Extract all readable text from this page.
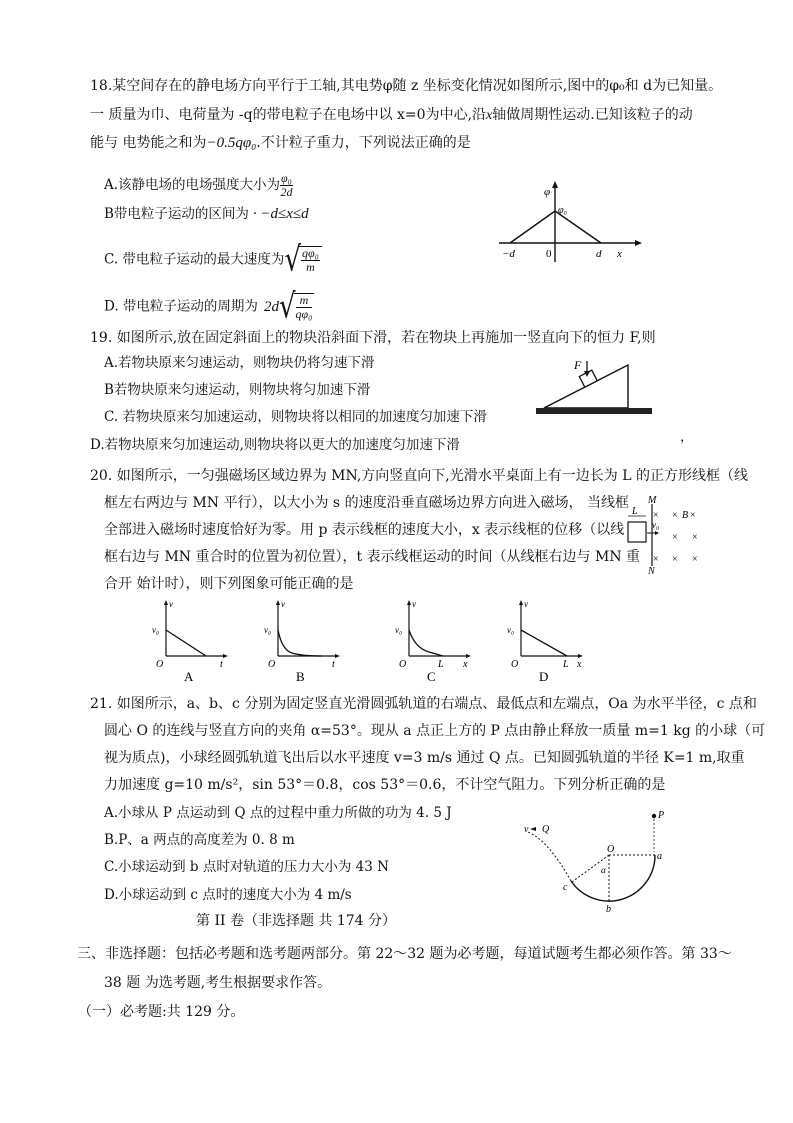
18.某空间存在的静电场方向平行于工轴,其电势φ随 z 坐标变化情况如图所示,图中的φ₀和 d为已知量。
一 质量为巾、电荷量为 -q的带电粒子在电场中以 x=0为中心,沿x轴做周期性运动.已知该粒子的动
能与 电势能之和为−0.5qφ₀.不计粒子重力，下列说法正确的是
A.该静电场的电场强度大小为 $\frac{\text{φ₀}}{2d}$
B带电粒子运动的区间为 · −d≤x≤d
C. 带电粒子运动的最大速度为√ $\frac{\text{qφ₀}}{m}$
D. 带电粒子运动的周期为 $2d√ \frac{m}{\text{qφ₀}}$
φ
φ₀
−d	0	d x
19. 如图所示,放在固定斜面上的物块沿斜面下滑，若在物块上再施加一竖直向下的恒力 F,则
A.若物块原来匀速运动，则物块仍将匀速下滑
B若物块原来匀速运动，则物块将匀加速下滑
C. 若物块原来匀加速运动，则物块将以相同的加速度匀加速下滑
D.若物块原来匀加速运动,则物块将以更大的加速度匀加速下滑	，
F
20. 如图所示，一匀强磁场区域边界为 MN,方向竖直向下,光滑水平桌面上有一边长为 L 的正方形线框（线
框左右两边与 MN 平行），以大小为 s 的速度沿垂直磁场边界方向进入磁场， 当线框
全部进入磁场时速度恰好为零。用 p 表示线框的速度大小，x 表示线框的位移（以线
框右边与 MN 重合时的位置为初位置），t 表示线框运动的时间（从线框右边与 MN 重
合开 始计时），则下列图象可能正确的是
M
N
L
v₀
B
× × ×
× ×
× × ×
v
v₀
O	t
A
v
v₀
O	t
B
v
v₀
O	L x
C
v
v₀
O	L x
D
21. 如图所示，a、b、c 分别为固定竖直光滑圆弧轨道的右端点、最低点和左端点，Oa 为水平半径，c 点和
圆心 O 的连线与竖直方向的夹角 α=53°。现从 a 点正上方的 P 点由静止释放一质量 m=1 kg 的小球（可
视为质点)，小球经圆弧轨道飞出后以水平速度 v=3 m/s 通过 Q 点。已知圆弧轨道的半径 K=1 m,取重
力加速度 g=10 m/s²，sin 53°＝0.8，cos 53°＝0.6，不计空气阻力。下列分析正确的是
A.小球从 P 点运动到 Q 点的过程中重力所做的功为 4. 5 J
B.P、a 两点的高度差为 0. 8 m
C.小球运动到 b 点时对轨道的压力大小为 43 N
D.小球运动到 c 点时的速度大小为 4 m/s
v Q
P
O
a
b
c
α
第 II 卷（非选择题 共 174 分）
三、非选择题：包括必考题和选考题两部分。第 22～32 题为必考题，每道试题考生都必须作答。第 33～
38 题 为选考题,考生根据要求作答。
（一）必考题:共 129 分。
